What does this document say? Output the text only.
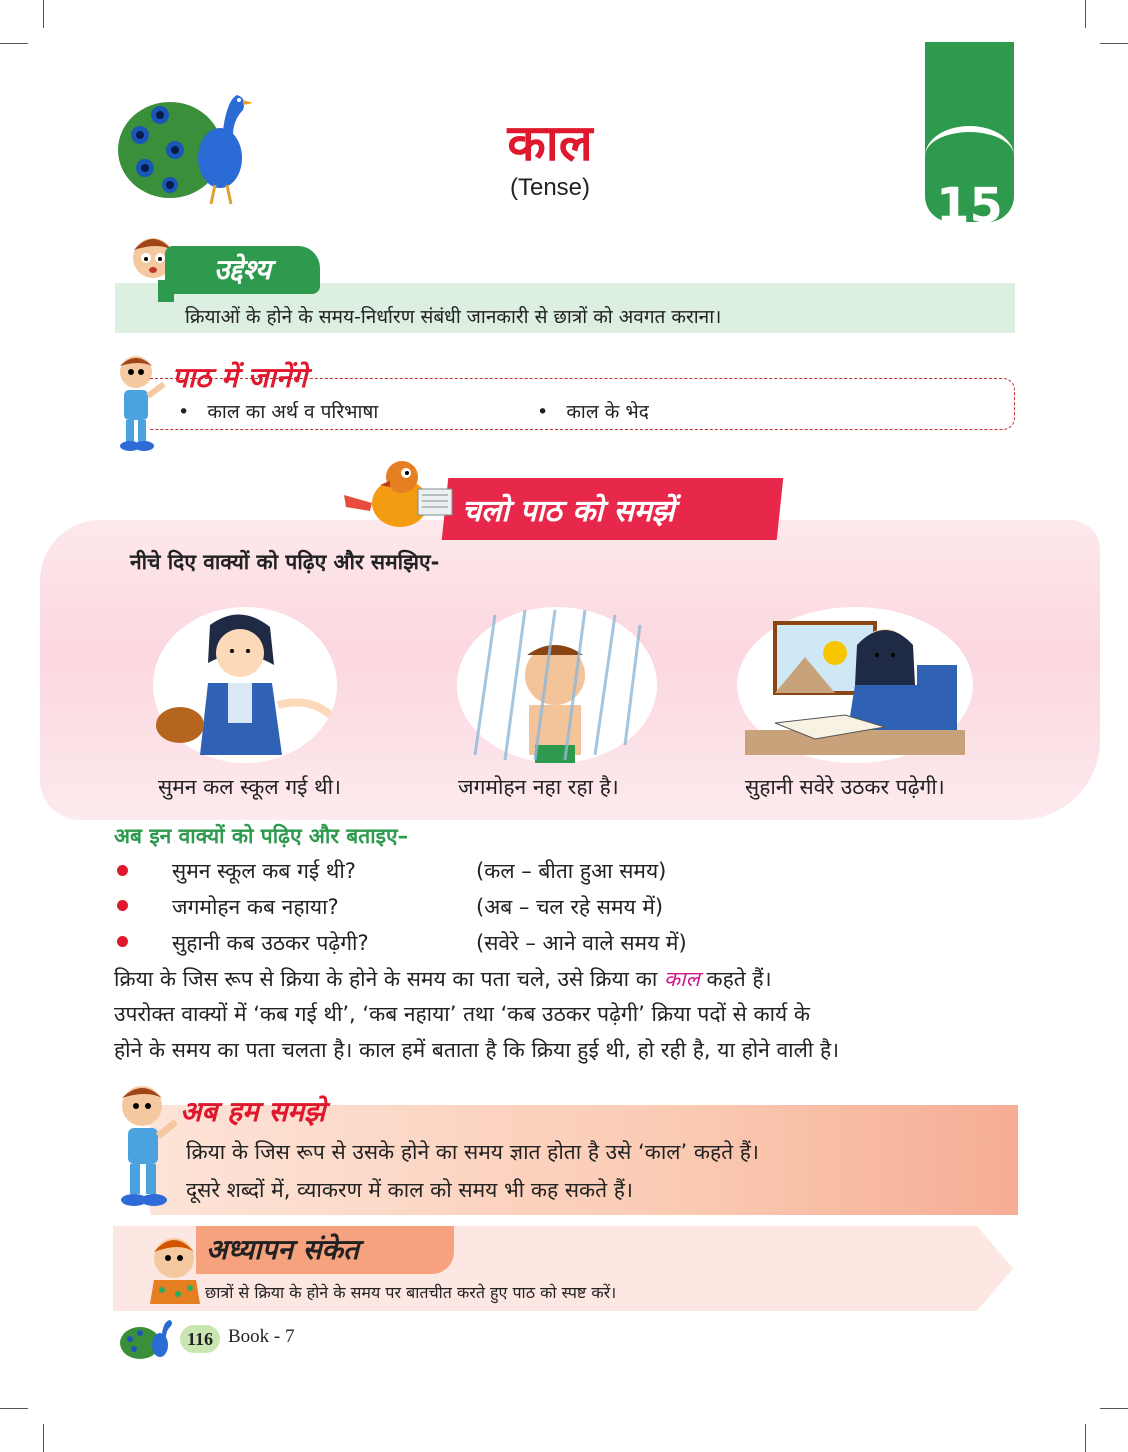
काल
(Tense)	15
उद्देश्य
क्रियाओं के होने के समय-निर्धारण संबंधी जानकारी से छात्रों को अवगत कराना।
पाठ में जानेंगे
•   काल का अर्थ व परिभाषा	•   काल के भेद
चलो पाठ को समझें
नीचे दिए वाक्यों को पढ़िए और समझिए-
सुमन कल स्कूल गई थी।	जगमोहन नहा रहा है।	सुहानी सवेरे उठकर पढ़ेगी।
अब इन वाक्यों को पढ़िए और बताइए–
सुमन स्कूल कब गई थी?	(कल – बीता हुआ समय)
जगमोहन कब नहाया?	(अब – चल रहे समय में)
सुहानी कब उठकर पढ़ेगी?	(सवेरे – आने वाले समय में)
क्रिया के जिस रूप से क्रिया के होने के समय का पता चले, उसे क्रिया का काल कहते हैं।
उपरोक्त वाक्यों में ‘कब गई थी’, ‘कब नहाया’ तथा ‘कब उठकर पढ़ेगी’ क्रिया पदों से कार्य के
होने के समय का पता चलता है। काल हमें बताता है कि क्रिया हुई थी, हो रही है, या होने वाली है।
अब हम समझे
क्रिया के जिस रूप से उसके होने का समय ज्ञात होता है उसे ‘काल’ कहते हैं।
दूसरे शब्दों में, व्याकरण में काल को समय भी कह सकते हैं।
अध्यापन संकेत
छात्रों से क्रिया के होने के समय पर बातचीत करते हुए पाठ को स्पष्ट करें।
116 Book - 7
